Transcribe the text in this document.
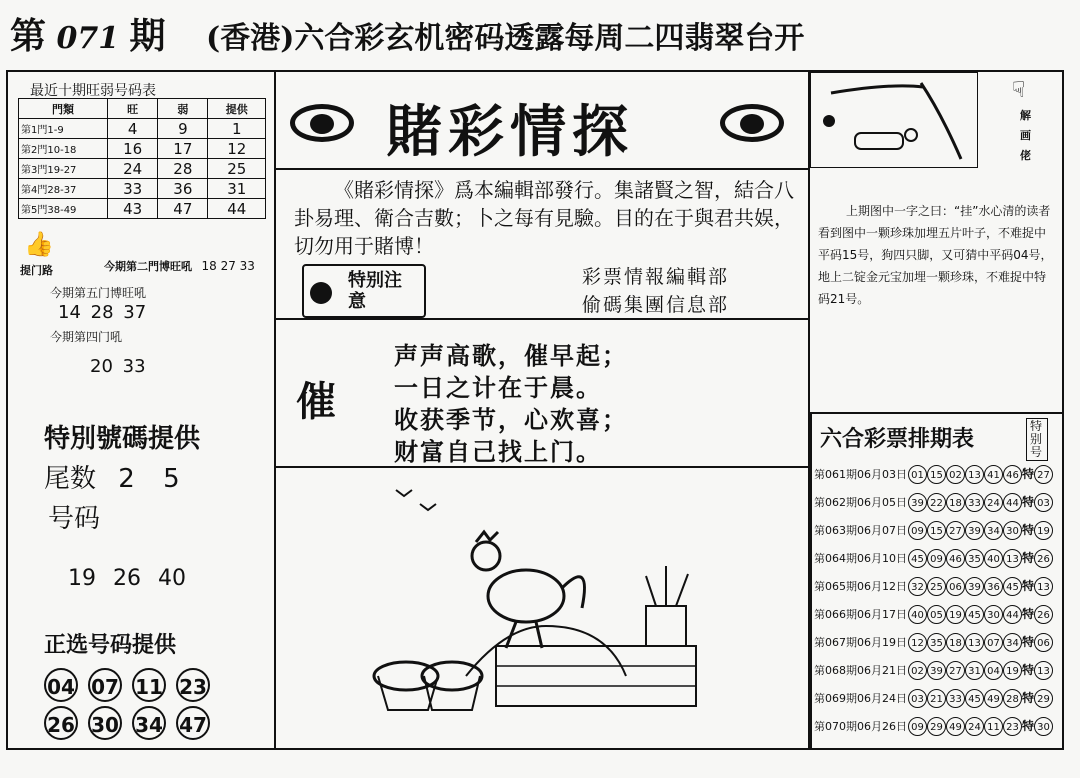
第 071 期 (香港)六合彩玄机密码透露每周二四翡翠台开
最近十期旺弱号码表
門類	旺	弱	提供
第1門1-9	4	9	1
第2門10-18	16	17	12
第3門19-27	24	28	25
第4門28-37	33	36	31
第5門38-49	43	47	44
👍
提门路	今期第二門博旺吼 18 27 33
今期第五门博旺吼
14 28 37
今期第四门吼
20 33
特別號碼提供
尾数 2 5
号码
19 26 40
正选号码提供
04 07 11 23
26 30 34 47
賭彩情探
《賭彩情探》爲本編輯部發行。集諸賢之智，結合八卦易理、衛合吉數；卜之每有見驗。目的在于與君共娱，切勿用于賭博！
特别注意
彩票情報編輯部
偷碼集團信息部
催
声声高歌，催早起；
一日之计在于晨。
收获季节，心欢喜；
财富自己找上门。
☟
解画佬
上期图中一字之曰：“挂”水心清的读者看到图中一颗珍珠加埋五片叶子，不难捉中平码15号，狗四只脚，又可猜中平码04号，地上二锭金元宝加埋一颗珍珠，不难捉中特码21号。
六合彩票排期表
特别号
第061期06月03日	01 15 02 13 41 46 特 27
第062期06月05日	39 22 18 33 24 44 特 03
第063期06月07日	09 15 27 39 34 30 特 19
第064期06月10日	45 09 46 35 40 13 特 26
第065期06月12日	32 25 06 39 36 45 特 13
第066期06月17日	40 05 19 45 30 44 特 26
第067期06月19日	12 35 18 13 07 34 特 06
第068期06月21日	02 39 27 31 04 19 特 13
第069期06月24日	03 21 33 45 49 28 特 29
第070期06月26日	09 29 49 24 11 23 特 30
